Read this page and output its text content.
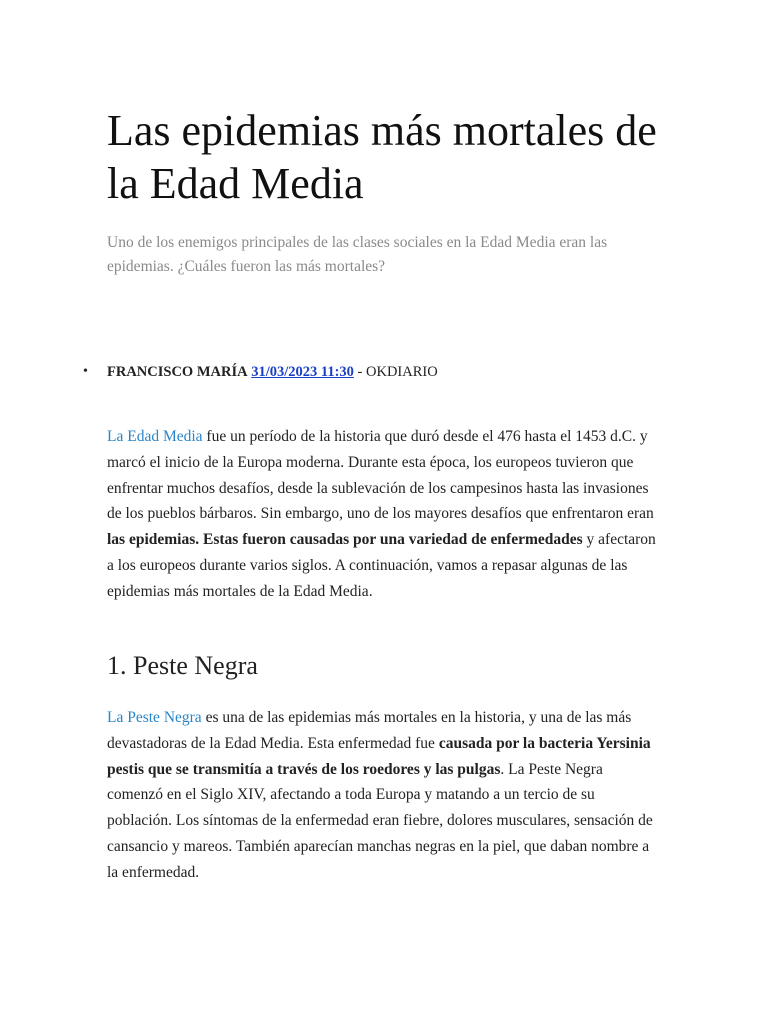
Las epidemias más mortales de la Edad Media

Uno de los enemigos principales de las clases sociales en la Edad Media eran las epidemias. ¿Cuáles fueron las más mortales?

• FRANCISCO MARÍA 31/03/2023 11:30 - OKDIARIO

La Edad Media fue un período de la historia que duró desde el 476 hasta el 1453 d.C. y marcó el inicio de la Europa moderna. Durante esta época, los europeos tuvieron que enfrentar muchos desafíos, desde la sublevación de los campesinos hasta las invasiones de los pueblos bárbaros. Sin embargo, uno de los mayores desafíos que enfrentaron eran las epidemias. Estas fueron causadas por una variedad de enfermedades y afectaron a los europeos durante varios siglos. A continuación, vamos a repasar algunas de las epidemias más mortales de la Edad Media.

1. Peste Negra

La Peste Negra es una de las epidemias más mortales en la historia, y una de las más devastadoras de la Edad Media. Esta enfermedad fue causada por la bacteria Yersinia pestis que se transmitía a través de los roedores y las pulgas. La Peste Negra comenzó en el Siglo XIV, afectando a toda Europa y matando a un tercio de su población. Los síntomas de la enfermedad eran fiebre, dolores musculares, sensación de cansancio y mareos. También aparecían manchas negras en la piel, que daban nombre a la enfermedad.
